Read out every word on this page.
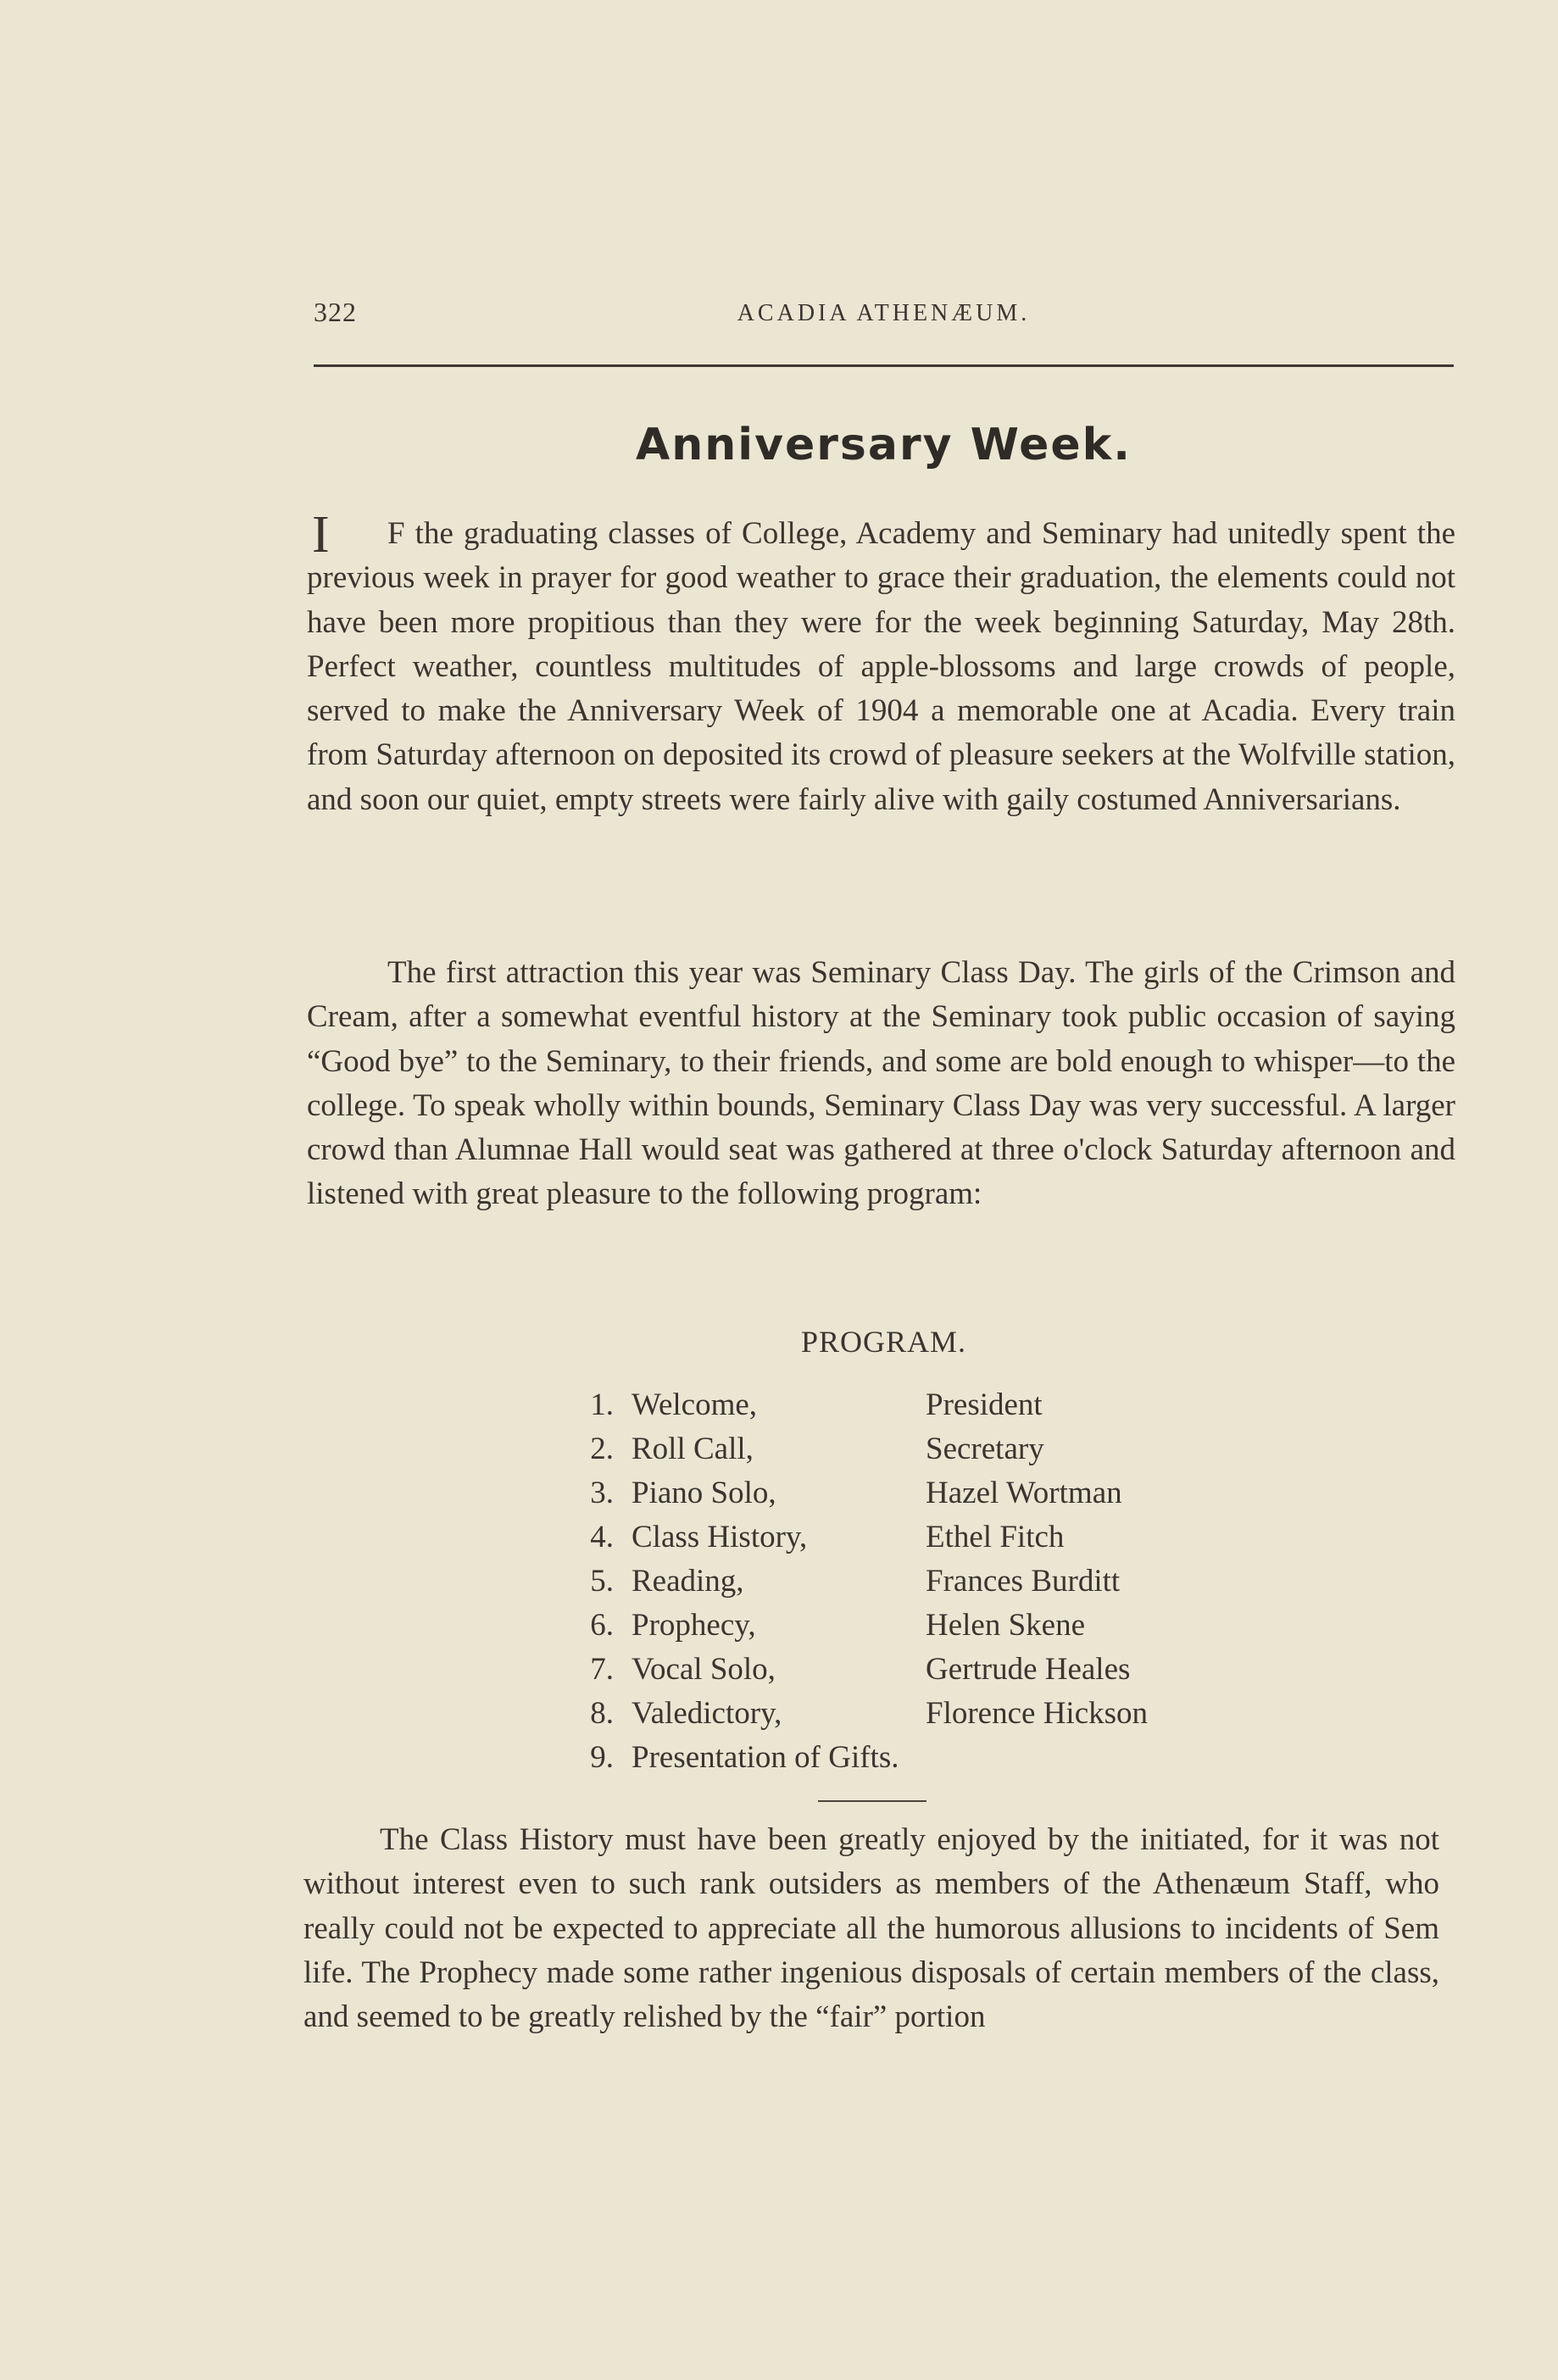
322	ACADIA ATHENÆUM.
Anniversary Week.
I	F the graduating classes of College, Academy and Seminary had unitedly spent the previous week in prayer for good weather to grace their graduation, the elements could not have been more propitious than they were for the week beginning Saturday, May 28th. Perfect weather, countless multitudes of apple-blossoms and large crowds of people, served to make the Anniversary Week of 1904 a memorable one at Acadia. Every train from Saturday afternoon on deposited its crowd of pleasure seekers at the Wolfville station, and soon our quiet, empty streets were fairly alive with gaily costumed Anniversarians.

The first attraction this year was Seminary Class Day. The girls of the Crimson and Cream, after a somewhat eventful history at the Seminary took public occasion of saying “Good bye” to the Seminary, to their friends, and some are bold enough to whisper—to the college. To speak wholly within bounds, Seminary Class Day was very successful. A larger crowd than Alumnae Hall would seat was gathered at three o'clock Saturday afternoon and listened with great pleasure to the following program:

PROGRAM.
1. Welcome,	President
2. Roll Call,	Secretary
3. Piano Solo,	Hazel Wortman
4. Class History,	Ethel Fitch
5. Reading,	Frances Burditt
6. Prophecy,	Helen Skene
7. Vocal Solo,	Gertrude Heales
8. Valedictory,	Florence Hickson
9. Presentation of Gifts.

The Class History must have been greatly enjoyed by the initiated, for it was not without interest even to such rank outsiders as members of the Athenæum Staff, who really could not be expected to appreciate all the humorous allusions to incidents of Sem life. The Prophecy made some rather ingenious disposals of certain members of the class, and seemed to be greatly relished by the “fair” portion
